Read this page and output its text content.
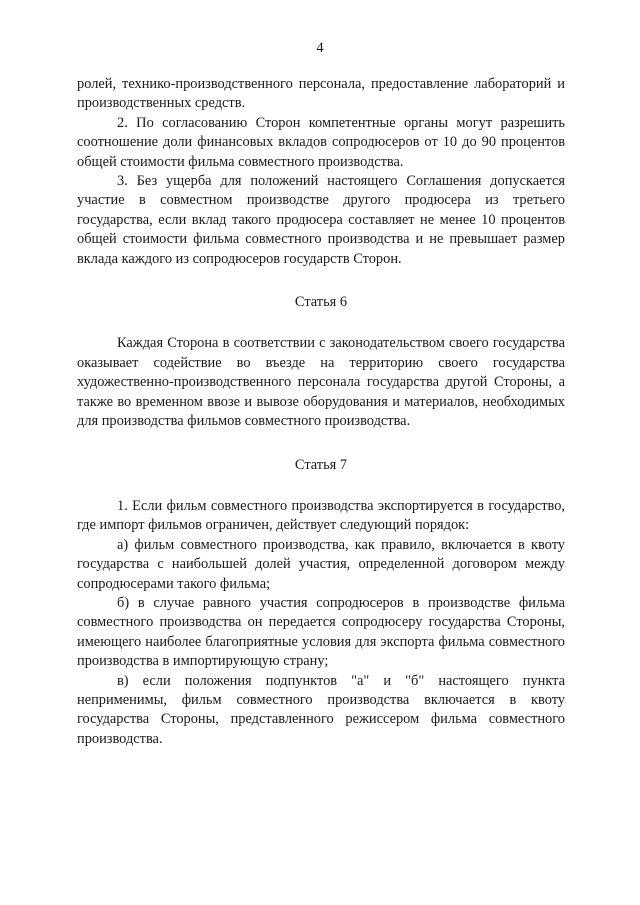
4

ролей, технико-производственного персонала, предоставление лабораторий и производственных средств.

2. По согласованию Сторон компетентные органы могут разрешить соотношение доли финансовых вкладов сопродюсеров от 10 до 90 процентов общей стоимости фильма совместного производства.

3. Без ущерба для положений настоящего Соглашения допускается участие в совместном производстве другого продюсера из третьего государства, если вклад такого продюсера составляет не менее 10 процентов общей стоимости фильма совместного производства и не превышает размер вклада каждого из сопродюсеров государств Сторон.

Статья 6

Каждая Сторона в соответствии с законодательством своего государства оказывает содействие во въезде на территорию своего государства художественно-производственного персонала государства другой Стороны, а также во временном ввозе и вывозе оборудования и материалов, необходимых для производства фильмов совместного производства.

Статья 7

1. Если фильм совместного производства экспортируется в государство, где импорт фильмов ограничен, действует следующий порядок:

а) фильм совместного производства, как правило, включается в квоту государства с наибольшей долей участия, определенной договором между сопродюсерами такого фильма;

б) в случае равного участия сопродюсеров в производстве фильма совместного производства он передается сопродюсеру государства Стороны, имеющего наиболее благоприятные условия для экспорта фильма совместного производства в импортирующую страну;

в) если положения подпунктов "а" и "б" настоящего пункта неприменимы, фильм совместного производства включается в квоту государства Стороны, представленного режиссером фильма совместного производства.
